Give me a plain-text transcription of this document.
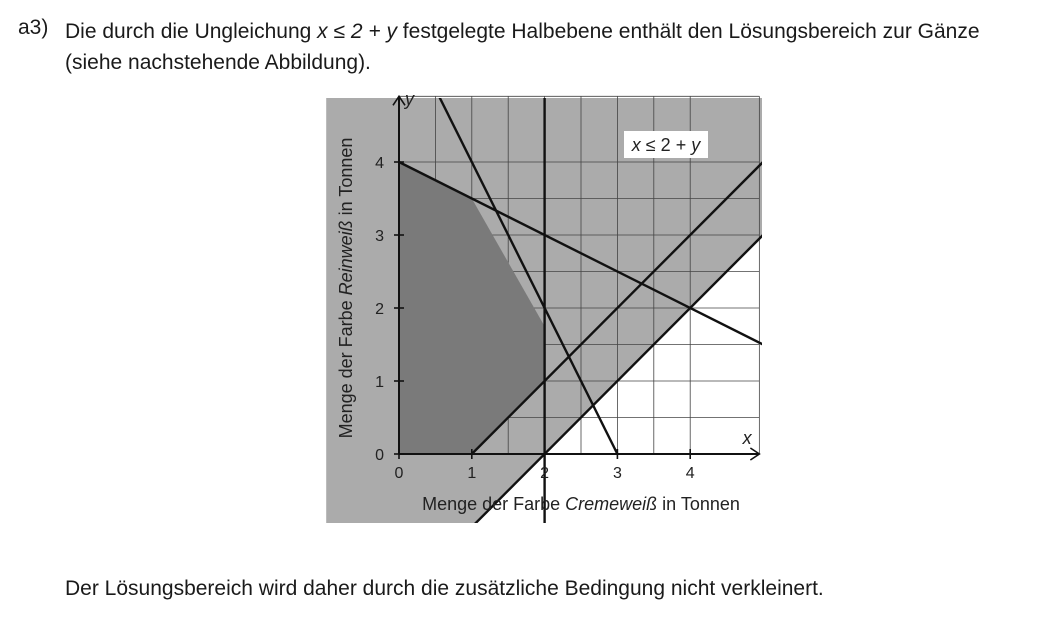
a3) Die durch die Ungleichung x ≤ 2 + y festgelegte Halbebene enthält den Lösungsbereich zur Gänze (siehe nachstehende Abbildung).
0	1	2	3	4
0
1
2
3
4
x
y
x ≤ 2 + y
Menge der Farbe Cremeweiß in Tonnen
Menge der Farbe Reinweiß in Tonnen
Der Lösungsbereich wird daher durch die zusätzliche Bedingung nicht verkleinert.
